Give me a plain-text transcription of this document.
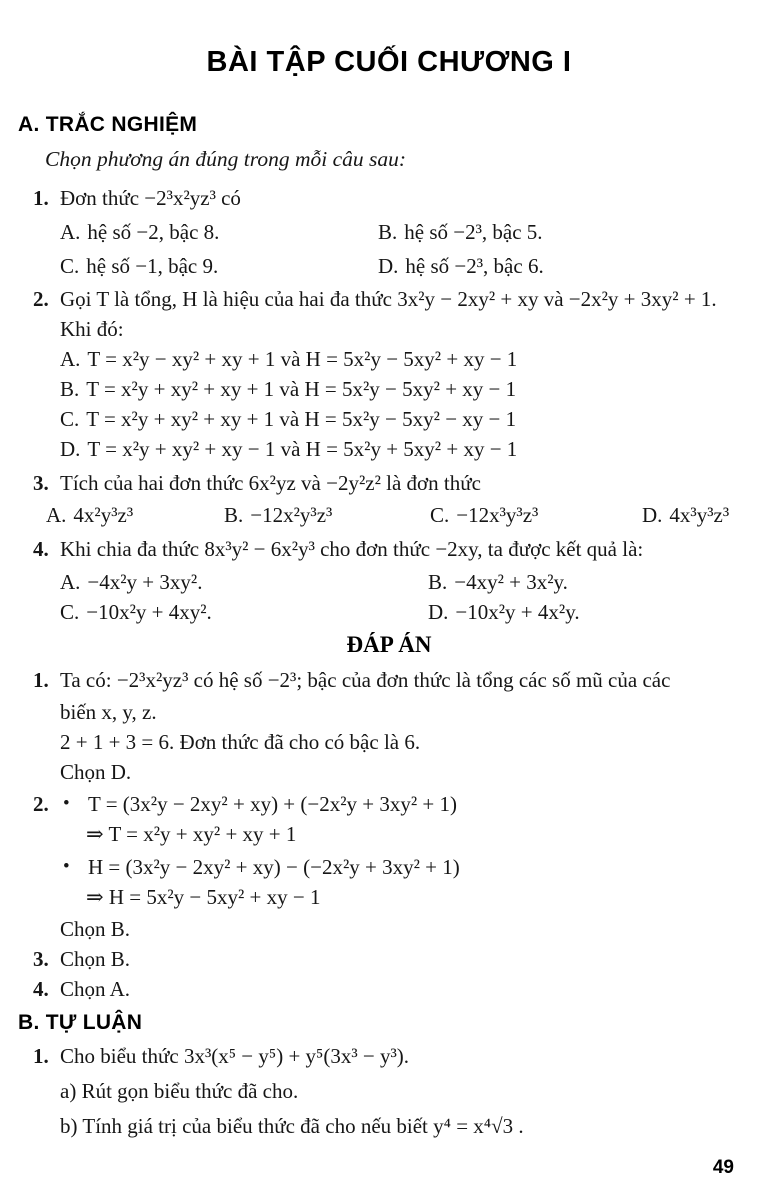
BÀI TẬP CUỐI CHƯƠNG I
A. TRẮC NGHIỆM
Chọn phương án đúng trong mỗi câu sau:
1. Đơn thức −2³x²yz³ có
A. hệ số −2, bậc 8.	B. hệ số −2³, bậc 5.
C. hệ số −1, bậc 9.	D. hệ số −2³, bậc 6.
2. Gọi T là tổng, H là hiệu của hai đa thức 3x²y − 2xy² + xy và −2x²y + 3xy² + 1.
Khi đó:
A. T = x²y − xy² + xy + 1 và H = 5x²y − 5xy² + xy − 1
B. T = x²y + xy² + xy + 1 và H = 5x²y − 5xy² + xy − 1
C. T = x²y + xy² + xy + 1 và H = 5x²y − 5xy² − xy − 1
D. T = x²y + xy² + xy − 1 và H = 5x²y + 5xy² + xy − 1
3. Tích của hai đơn thức 6x²yz và −2y²z² là đơn thức
A. 4x²y³z³	B. −12x²y³z³	C. −12x³y³z³	D. 4x³y³z³
4. Khi chia đa thức 8x³y² − 6x²y³ cho đơn thức −2xy, ta được kết quả là:
A. −4x²y + 3xy².	B. −4xy² + 3x²y.
C. −10x²y + 4xy².	D. −10x²y + 4x²y.
ĐÁP ÁN
1. Ta có: −2³x²yz³ có hệ số −2³; bậc của đơn thức là tổng các số mũ của các
biến x, y, z.
2 + 1 + 3 = 6. Đơn thức đã cho có bậc là 6.
Chọn D.
2. • T = (3x²y − 2xy² + xy) + (−2x²y + 3xy² + 1)
⇒ T = x²y + xy² + xy + 1
• H = (3x²y − 2xy² + xy) − (−2x²y + 3xy² + 1)
⇒ H = 5x²y − 5xy² + xy − 1
Chọn B.
3. Chọn B.
4. Chọn A.
B. TỰ LUẬN
1. Cho biểu thức 3x³(x⁵ − y⁵) + y⁵(3x³ − y³).
a) Rút gọn biểu thức đã cho.
b) Tính giá trị của biểu thức đã cho nếu biết y⁴ = x⁴√3 .
49
